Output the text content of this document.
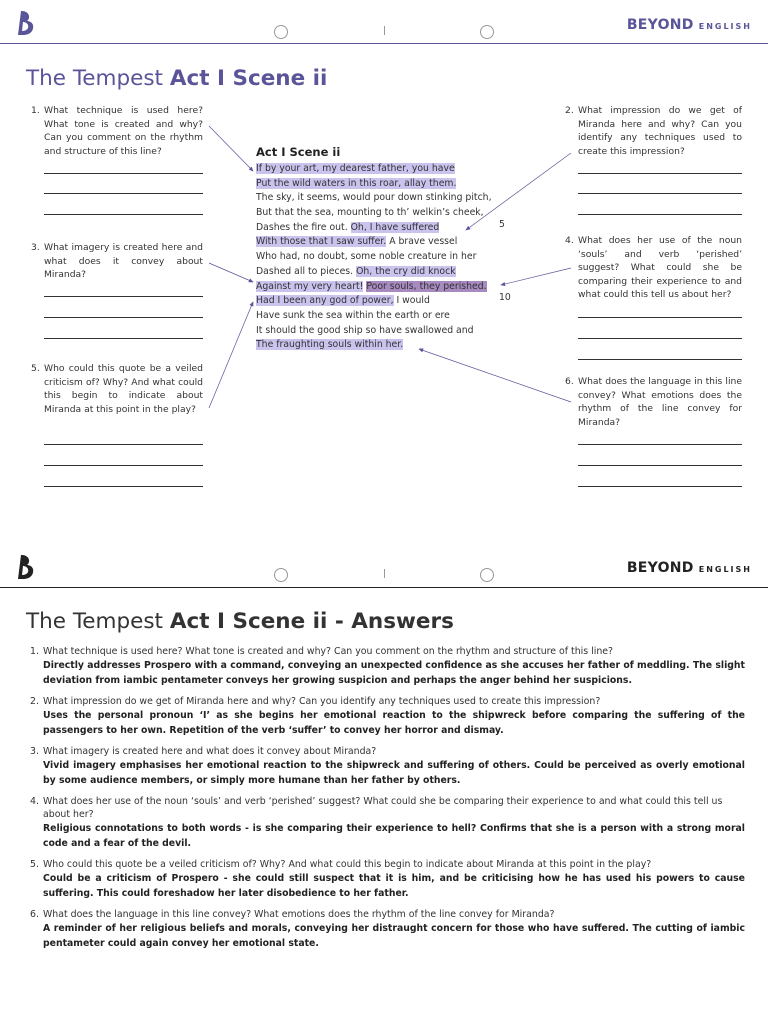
BEYOND ENGLISH
The Tempest Act I Scene ii
1. What technique is used here? What tone is created and why? Can you comment on the rhythm and structure of this line?
3. What imagery is created here and what does it convey about Miranda?
5. Who could this quote be a veiled criticism of? Why? And what could this begin to indicate about Miranda at this point in the play?
2. What impression do we get of Miranda here and why? Can you identify any techniques used to create this impression?
4. What does her use of the noun ‘souls’ and verb ‘perished’ suggest? What could she be comparing their experience to and what could this tell us about her?
6. What does the language in this line convey? What emotions does the rhythm of the line convey for Miranda?
Act I Scene ii
If by your art, my dearest father, you have
Put the wild waters in this roar, allay them.
The sky, it seems, would pour down stinking pitch,
But that the sea, mounting to th’ welkin’s cheek,
Dashes the fire out. Oh, I have suffered
With those that I saw suffer. A brave vessel
Who had, no doubt, some noble creature in her
Dashed all to pieces. Oh, the cry did knock
Against my very heart! Poor souls, they perished.
Had I been any god of power, I would
Have sunk the sea within the earth or ere
It should the good ship so have swallowed and
The fraughting souls within her.
5
10
BEYOND ENGLISH
The Tempest Act I Scene ii - Answers
1. What technique is used here? What tone is created and why? Can you comment on the rhythm and structure of this line?
Directly addresses Prospero with a command, conveying an unexpected confidence as she accuses her father of meddling. The slight deviation from iambic pentameter conveys her growing suspicion and perhaps the anger behind her suspicions.
2. What impression do we get of Miranda here and why? Can you identify any techniques used to create this impression?
Uses the personal pronoun ‘I’ as she begins her emotional reaction to the shipwreck before comparing the suffering of the passengers to her own. Repetition of the verb ‘suffer’ to convey her horror and dismay.
3. What imagery is created here and what does it convey about Miranda?
Vivid imagery emphasises her emotional reaction to the shipwreck and suffering of others. Could be perceived as overly emotional by some audience members, or simply more humane than her father by others.
4. What does her use of the noun ‘souls’ and verb ‘perished’ suggest? What could she be comparing their experience to and what could this tell us about her?
Religious connotations to both words - is she comparing their experience to hell? Confirms that she is a person with a strong moral code and a fear of the devil.
5. Who could this quote be a veiled criticism of? Why? And what could this begin to indicate about Miranda at this point in the play?
Could be a criticism of Prospero - she could still suspect that it is him, and be criticising how he has used his powers to cause suffering. This could foreshadow her later disobedience to her father.
6. What does the language in this line convey? What emotions does the rhythm of the line convey for Miranda?
A reminder of her religious beliefs and morals, conveying her distraught concern for those who have suffered. The cutting of iambic pentameter could again convey her emotional state.
